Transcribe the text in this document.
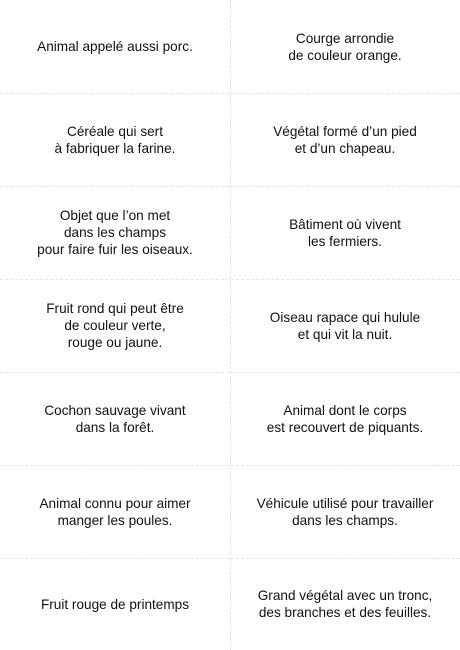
Animal appelé aussi porc.
Courge arrondie
de couleur orange.
Céréale qui sert
à fabriquer la farine.
Végétal formé d’un pied
et d’un chapeau.
Objet que l’on met
dans les champs
pour faire fuir les oiseaux.
Bâtiment où vivent
les fermiers.
Fruit rond qui peut être
de couleur verte,
rouge ou jaune.
Oiseau rapace qui hulule
et qui vit la nuit.
Cochon sauvage vivant
dans la forêt.
Animal dont le corps
est recouvert de piquants.
Animal connu pour aimer
manger les poules.
Véhicule utilisé pour travailler
dans les champs.
Fruit rouge de printemps
Grand végétal avec un tronc,
des branches et des feuilles.
